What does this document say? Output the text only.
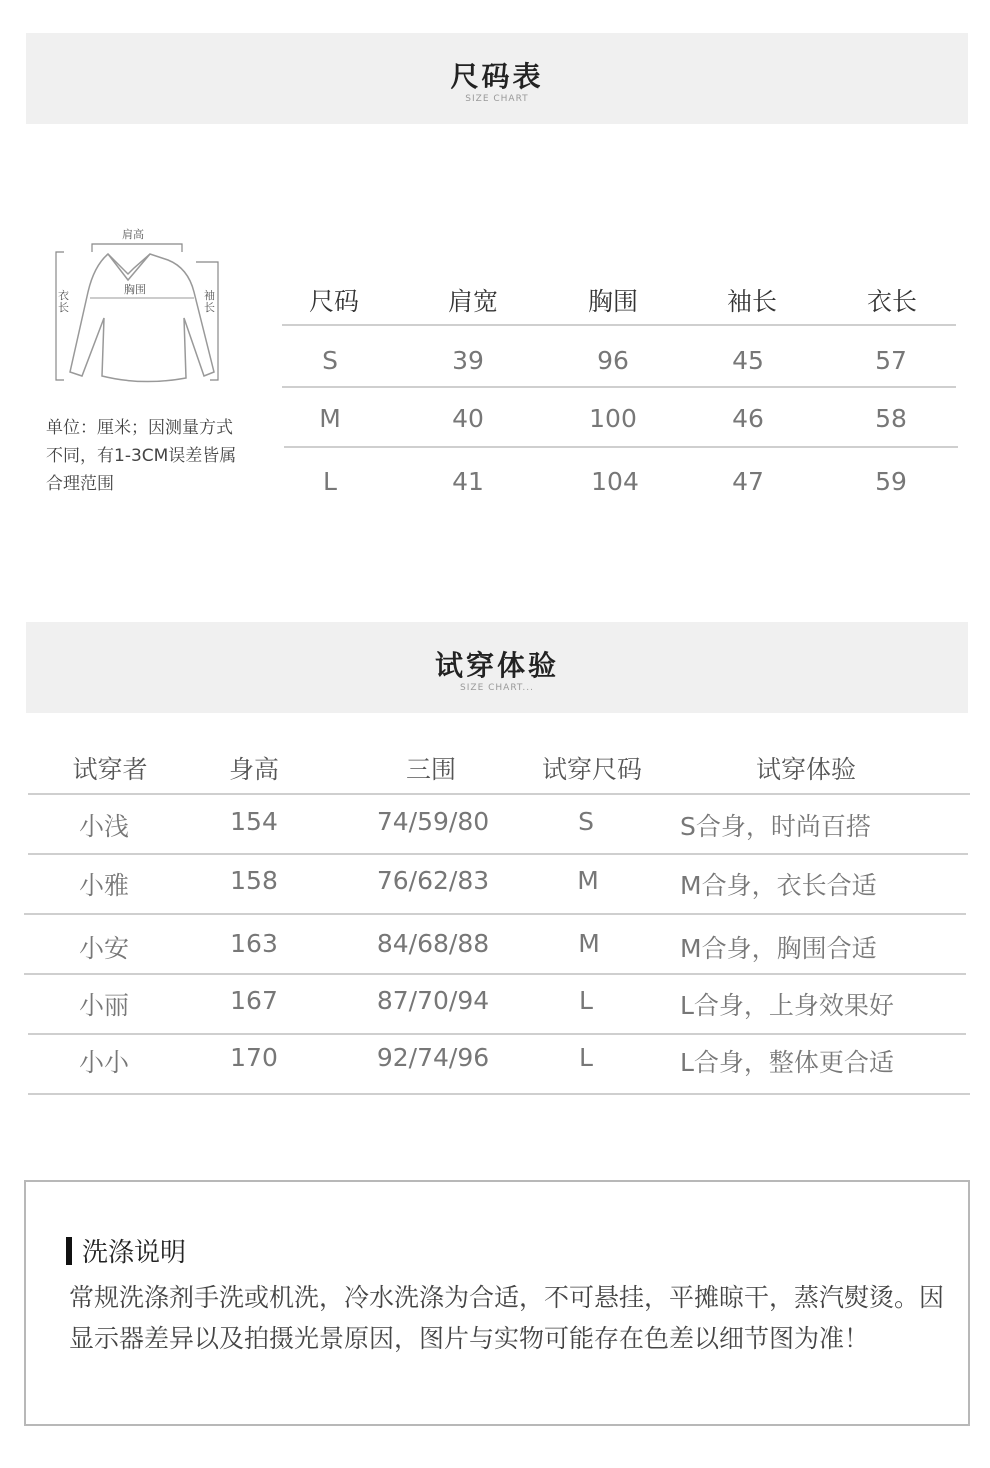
尺码表
SIZE CHART
肩高
胸围
衣长
袖长
单位：厘米；因测量方式不同，有1-3CM误差皆属合理范围
尺码	肩宽	胸围	袖长	衣长
S	39	96	45	57
M	40	100	46	58
L	41	104	47	59
试穿体验
SIZE CHART...
试穿者	身高	三围	试穿尺码	试穿体验
小浅	154	74/59/80	S	S合身，时尚百搭
小雅	158	76/62/83	M	M合身，衣长合适
小安	163	84/68/88	M	M合身，胸围合适
小丽	167	87/70/94	L	L合身，上身效果好
小小	170	92/74/96	L	L合身，整体更合适
洗涤说明
常规洗涤剂手洗或机洗，冷水洗涤为合适，不可悬挂，平摊晾干，蒸汽熨烫。因显示器差异以及拍摄光景原因，图片与实物可能存在色差以细节图为准！
